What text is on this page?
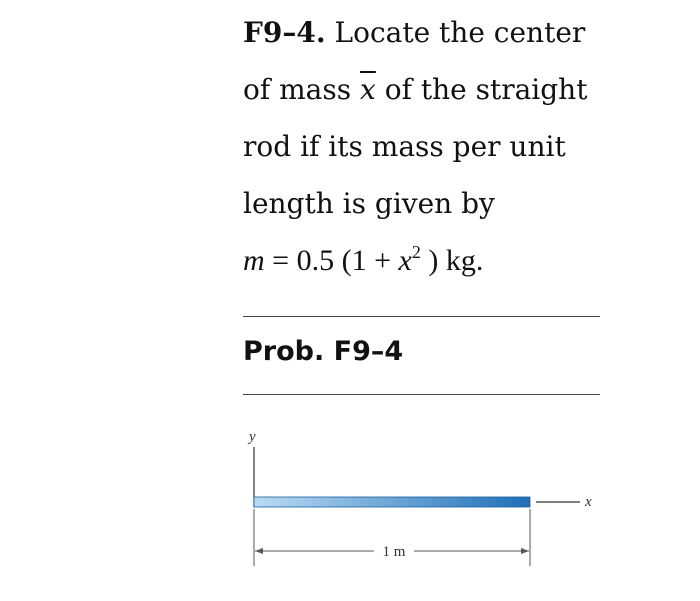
F9–4. Locate the center
of mass $\overline{x}$ of the straight
rod if its mass per unit
length is given by
m = 0.5 ($1 + x^2$ ) kg.
Prob. F9–4
y
x
1 m
